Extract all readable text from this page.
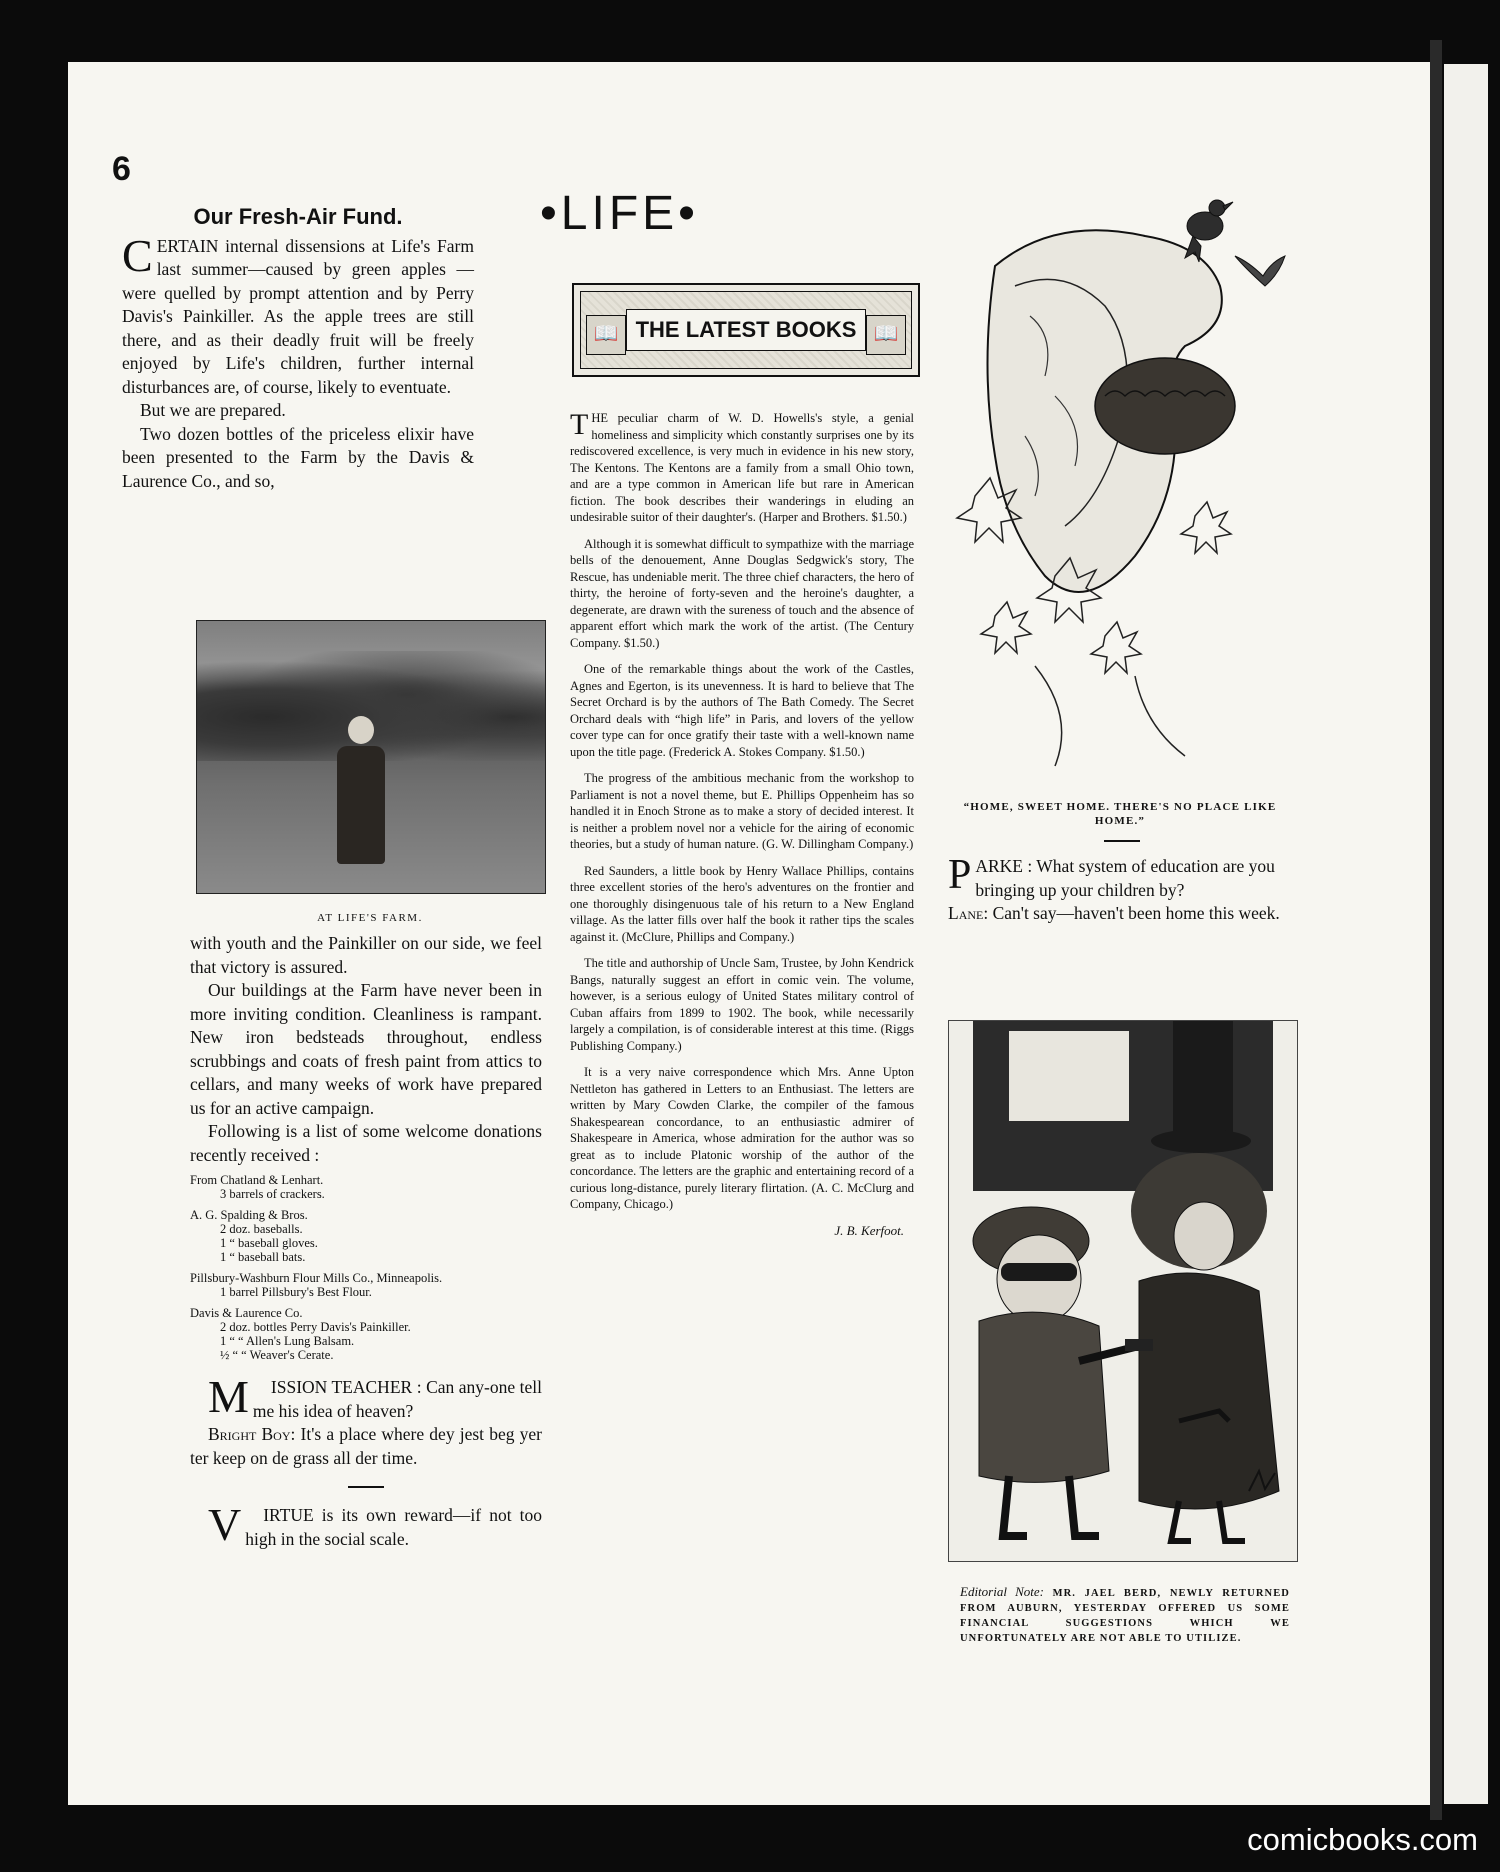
6
•LIFE•
Our Fresh-Air Fund.

CERTAIN internal dissensions at Life's Farm last summer—caused by green apples — were quelled by prompt attention and by Perry Davis's Painkiller. As the apple trees are still there, and as their deadly fruit will be freely enjoyed by Life's children, further internal disturbances are, of course, likely to eventuate.

But we are prepared.

Two dozen bottles of the priceless elixir have been presented to the Farm by the Davis & Laurence Co., and so,

AT LIFE'S FARM.

with youth and the Painkiller on our side, we feel that victory is assured.

Our buildings at the Farm have never been in more inviting condition. Cleanliness is rampant. New iron bedsteads throughout, endless scrubbings and coats of fresh paint from attics to cellars, and many weeks of work have prepared us for an active campaign.

Following is a list of some welcome donations recently received :

From Chatland & Lenhart.
3 barrels of crackers.
A. G. Spalding & Bros.
2 doz. baseballs.
1 “ baseball gloves.
1 “ baseball bats.
Pillsbury-Washburn Flour Mills Co., Minneapolis.
1 barrel Pillsbury's Best Flour.
Davis & Laurence Co.
2 doz. bottles Perry Davis's Painkiller.
1 “ “ Allen's Lung Balsam.
½ “ “ Weaver's Cerate.

M ISSION TEACHER : Can any-one tell me his idea of heaven?

Bright Boy: It's a place where dey jest beg yer ter keep on de grass all der time.

V IRTUE is its own reward—if not too high in the social scale.

📖 THE LATEST BOOKS 📖

THE peculiar charm of W. D. Howells's style, a genial homeliness and simplicity which constantly surprises one by its rediscovered excellence, is very much in evidence in his new story, The Kentons. The Kentons are a family from a small Ohio town, and are a type common in American life but rare in American fiction. The book describes their wanderings in eluding an undesirable suitor of their daughter's. (Harper and Brothers. $1.50.)

Although it is somewhat difficult to sympathize with the marriage bells of the denouement, Anne Douglas Sedgwick's story, The Rescue, has undeniable merit. The three chief characters, the hero of thirty, the heroine of forty-seven and the heroine's daughter, a degenerate, are drawn with the sureness of touch and the absence of apparent effort which mark the work of the artist. (The Century Company. $1.50.)

One of the remarkable things about the work of the Castles, Agnes and Egerton, is its unevenness. It is hard to believe that The Secret Orchard is by the authors of The Bath Comedy. The Secret Orchard deals with “high life” in Paris, and lovers of the yellow cover type can for once gratify their taste with a well-known name upon the title page. (Frederick A. Stokes Company. $1.50.)

The progress of the ambitious mechanic from the workshop to Parliament is not a novel theme, but E. Phillips Oppenheim has so handled it in Enoch Strone as to make a story of decided interest. It is neither a problem novel nor a vehicle for the airing of economic theories, but a study of human nature. (G. W. Dillingham Company.)

Red Saunders, a little book by Henry Wallace Phillips, contains three excellent stories of the hero's adventures on the frontier and one thoroughly disingenuous tale of his return to a New England village. As the latter fills over half the book it rather tips the scales against it. (McClure, Phillips and Company.)

The title and authorship of Uncle Sam, Trustee, by John Kendrick Bangs, naturally suggest an effort in comic vein. The volume, however, is a serious eulogy of United States military control of Cuban affairs from 1899 to 1902. The book, while necessarily largely a compilation, is of considerable interest at this time. (Riggs Publishing Company.)

It is a very naive correspondence which Mrs. Anne Upton Nettleton has gathered in Letters to an Enthusiast. The letters are written by Mary Cowden Clarke, the compiler of the famous Shakespearean concordance, to an enthusiastic admirer of Shakespeare in America, whose admiration for the author was so great as to include Platonic worship of the author of the concordance. The letters are the graphic and entertaining record of a curious long-distance, purely literary flirtation. (A. C. McClurg and Company, Chicago.)

J. B. Kerfoot.
“HOME, SWEET HOME. THERE'S NO PLACE LIKE HOME.”

PARKE : What system of education are you bringing up your children by?

Lane: Can't say—haven't been home this week.

Editorial Note: MR. JAEL BERD, NEWLY RETURNED FROM AUBURN, YESTERDAY OFFERED US SOME FINANCIAL SUGGESTIONS WHICH WE UNFORTUNATELY ARE NOT ABLE TO UTILIZE.
comicbooks.com
